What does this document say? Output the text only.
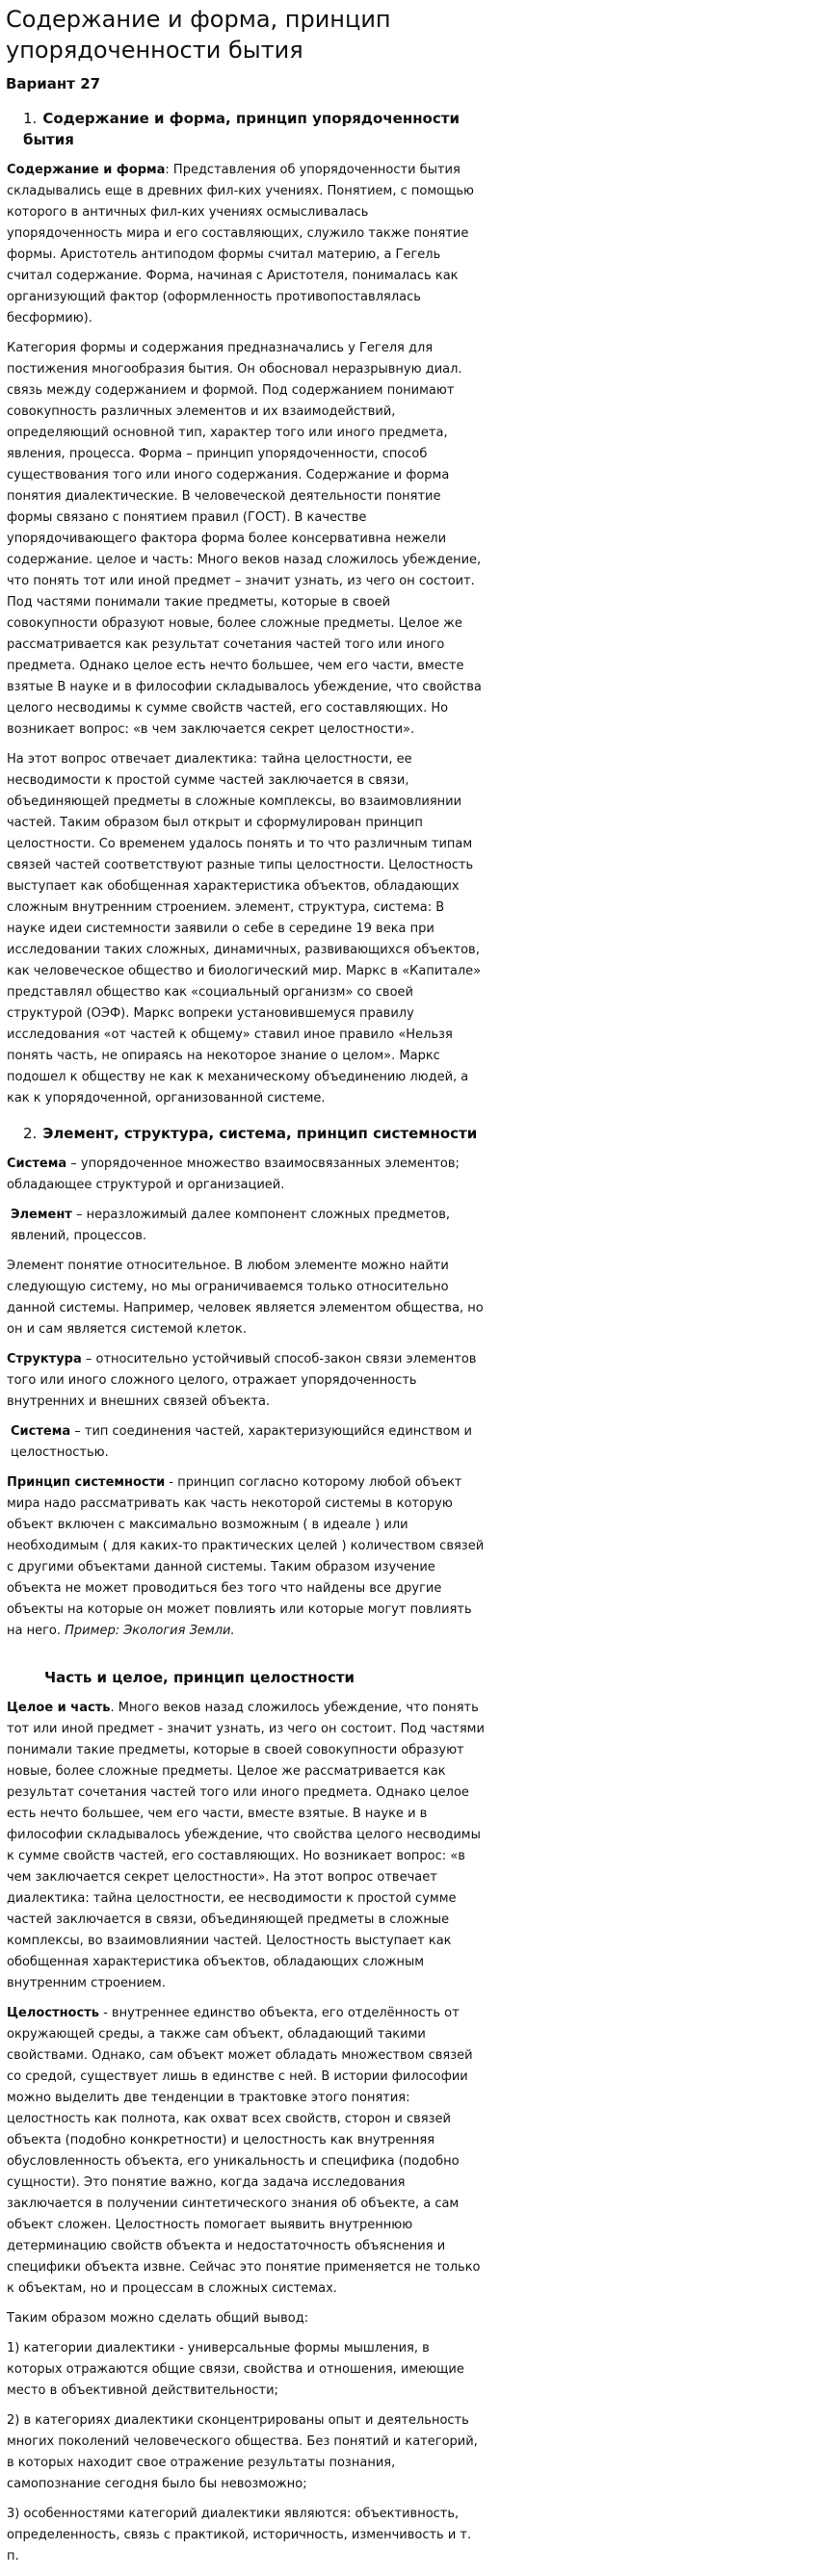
Содержание и форма, принцип упорядоченности бытия
Вариант 27
1. Содержание и форма, принцип упорядоченности бытия

Содержание и форма: Представления об упорядоченности бытия складывались еще в древних фил-ких учениях. Понятием, с помощью которого в античных фил-ких учениях осмысливалась упорядоченность мира и его составляющих, служило также понятие формы. Аристотель антиподом формы считал материю, а Гегель считал содержание. Форма, начиная с Аристотеля, понималась как организующий фактор (оформленность противопоставлялась бесформию).

Категория формы и содержания предназначались у Гегеля для постижения многообразия бытия. Он обосновал неразрывную диал. связь между содержанием и формой. Под содержанием понимают совокупность различных элементов и их взаимодействий, определяющий основной тип, характер того или иного предмета, явления, процесса. Форма – принцип упорядоченности, способ существования того или иного содержания. Содержание и форма понятия диалектические. В человеческой деятельности понятие формы связано с понятием правил (ГОСТ). В качестве упорядочивающего фактора форма более консервативна нежели содержание. целое и часть: Много веков назад сложилось убеждение, что понять тот или иной предмет – значит узнать, из чего он состоит. Под частями понимали такие предметы, которые в своей совокупности образуют новые, более сложные предметы. Целое же рассматривается как результат сочетания частей того или иного предмета. Однако целое есть нечто большее, чем его части, вместе взятые В науке и в философии складывалось убеждение, что свойства целого несводимы к сумме свойств частей, его составляющих. Но возникает вопрос: «в чем заключается секрет целостности».

На этот вопрос отвечает диалектика: тайна целостности, ее несводимости к простой сумме частей заключается в связи, объединяющей предметы в сложные комплексы, во взаимовлиянии частей. Таким образом был открыт и сформулирован принцип целостности. Со временем удалось понять и то что различным типам связей частей соответствуют разные типы целостности. Целостность выступает как обобщенная характеристика объектов, обладающих сложным внутренним строением. элемент, структура, система: В науке идеи системности заявили о себе в середине 19 века при исследовании таких сложных, динамичных, развивающихся объектов, как человеческое общество и биологический мир. Маркс в «Капитале» представлял общество как «социальный организм» со своей структурой (ОЭФ). Маркс вопреки установившемуся правилу исследования «от частей к общему» ставил иное правило «Нельзя понять часть, не опираясь на некоторое знание о целом». Маркс подошел к обществу не как к механическому объединению людей, а как к упорядоченной, организованной системе.

2. Элемент, структура, система, принцип системности

Система – упорядоченное множество взаимосвязанных элементов; обладающее структурой и организацией.

Элемент – неразложимый далее компонент сложных предметов, явлений, процессов.

Элемент понятие относительное. В любом элементе можно найти следующую систему, но мы ограничиваемся только относительно данной системы. Например, человек является элементом общества, но он и сам является системой клеток.

Структура – относительно устойчивый способ-закон связи элементов того или иного сложного целого, отражает упорядоченность внутренних и внешних связей объекта.

Система – тип соединения частей, характеризующийся единством и целостностью.

Принцип системности - принцип согласно которому любой объект мира надо рассматривать как часть некоторой системы в которую объект включен с максимально возможным ( в идеале ) или необходимым ( для каких-то практических целей ) количеством связей с другими объектами данной системы. Таким образом изучение объекта не может проводиться без того что найдены все другие объекты на которые он может повлиять или которые могут повлиять на него. Пример: Экология Земли.

Часть и целое, принцип целостности

Целое и часть. Много веков назад сложилось убеждение, что понять тот или иной предмет - значит узнать, из чего он состоит. Под частями понимали такие предметы, которые в своей совокупности образуют новые, более сложные предметы. Целое же рассматривается как результат сочетания частей того или иного предмета. Однако целое есть нечто большее, чем его части, вместе взятые. В науке и в философии складывалось убеждение, что свойства целого несводимы к сумме свойств частей, его составляющих. Но возникает вопрос: «в чем заключается секрет целостности». На этот вопрос отвечает диалектика: тайна целостности, ее несводимости к простой сумме частей заключается в связи, объединяющей предметы в сложные комплексы, во взаимовлиянии частей. Целостность выступает как обобщенная характеристика объектов, обладающих сложным внутренним строением.

Целостность - внутреннее единство объекта, его отделённость от окружающей среды, а также сам объект, обладающий такими свойствами. Однако, сам объект может обладать множеством связей со средой, существует лишь в единстве с ней. В истории философии можно выделить две тенденции в трактовке этого понятия: целостность как полнота, как охват всех свойств, сторон и связей объекта (подобно конкретности) и целостность как внутренняя обусловленность объекта, его уникальность и специфика (подобно сущности). Это понятие важно, когда задача исследования заключается в получении синтетического знания об объекте, а сам объект сложен. Целостность помогает выявить внутреннюю детерминацию свойств объекта и недостаточность объяснения и специфики объекта извне. Сейчас это понятие применяется не только к объектам, но и процессам в сложных системах.

Таким образом можно сделать общий вывод:

1) категории диалектики - универсальные формы мышления, в которых отражаются общие связи, свойства и отношения, имеющие место в объективной действительности;

2) в категориях диалектики сконцентрированы опыт и деятельность многих поколений человеческого общества. Без понятий и категорий, в которых находит свое отражение результаты познания, самопознание сегодня было бы невозможно;

3) особенностями категорий диалектики являются: объективность, определенность, связь с практикой, историчность, изменчивость и т. п.
